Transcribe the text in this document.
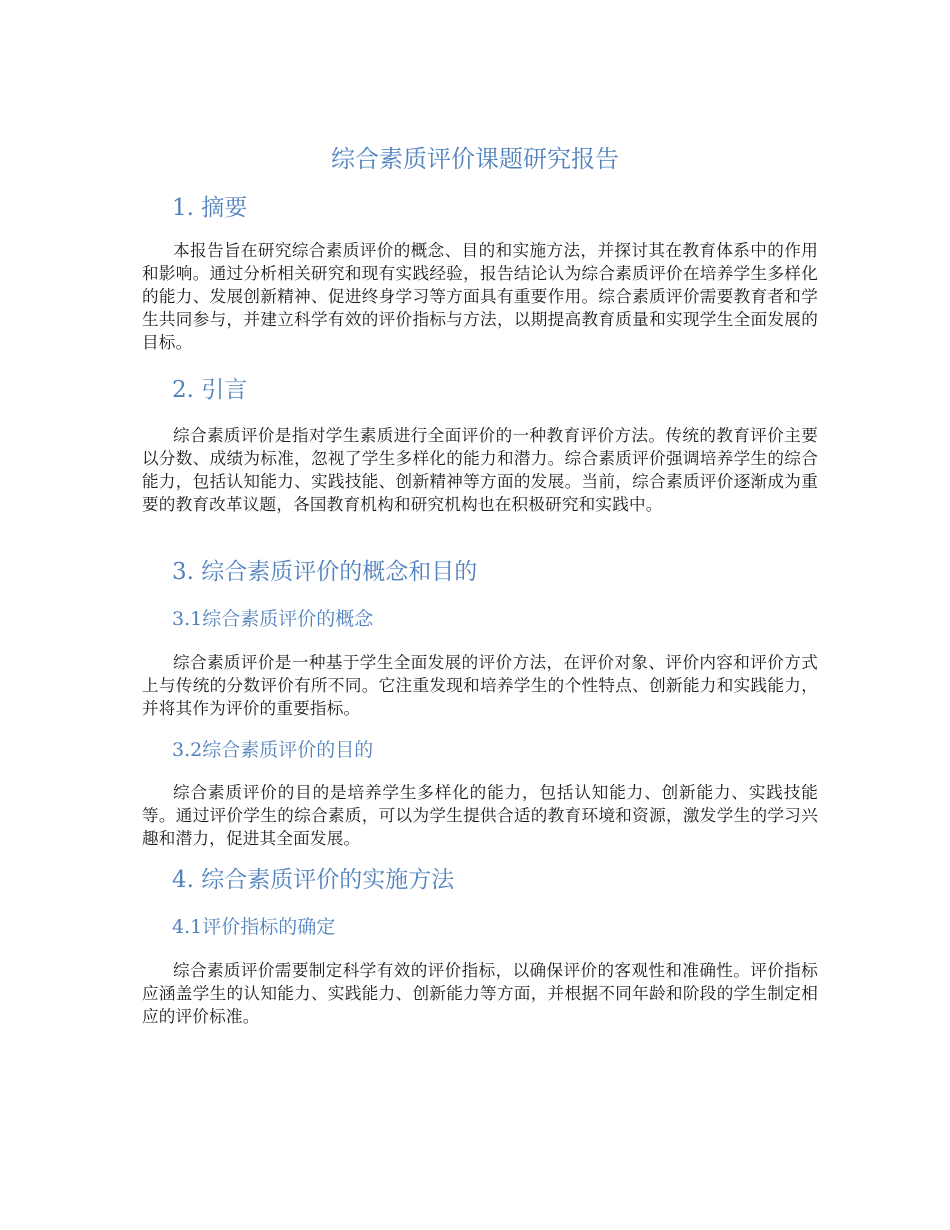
综合素质评价课题研究报告
1. 摘要

本报告旨在研究综合素质评价的概念、目的和实施方法，并探讨其在教育体系中的作用和影响。通过分析相关研究和现有实践经验，报告结论认为综合素质评价在培养学生多样化的能力、发展创新精神、促进终身学习等方面具有重要作用。综合素质评价需要教育者和学生共同参与，并建立科学有效的评价指标与方法，以期提高教育质量和实现学生全面发展的目标。

2. 引言

综合素质评价是指对学生素质进行全面评价的一种教育评价方法。传统的教育评价主要以分数、成绩为标准，忽视了学生多样化的能力和潜力。综合素质评价强调培养学生的综合能力，包括认知能力、实践技能、创新精神等方面的发展。当前，综合素质评价逐渐成为重要的教育改革议题，各国教育机构和研究机构也在积极研究和实践中。

3. 综合素质评价的概念和目的
3.1综合素质评价的概念

综合素质评价是一种基于学生全面发展的评价方法，在评价对象、评价内容和评价方式上与传统的分数评价有所不同。它注重发现和培养学生的个性特点、创新能力和实践能力，并将其作为评价的重要指标。

3.2综合素质评价的目的

综合素质评价的目的是培养学生多样化的能力，包括认知能力、创新能力、实践技能等。通过评价学生的综合素质，可以为学生提供合适的教育环境和资源，激发学生的学习兴趣和潜力，促进其全面发展。

4. 综合素质评价的实施方法
4.1评价指标的确定

综合素质评价需要制定科学有效的评价指标，以确保评价的客观性和准确性。评价指标应涵盖学生的认知能力、实践能力、创新能力等方面，并根据不同年龄和阶段的学生制定相应的评价标准。
